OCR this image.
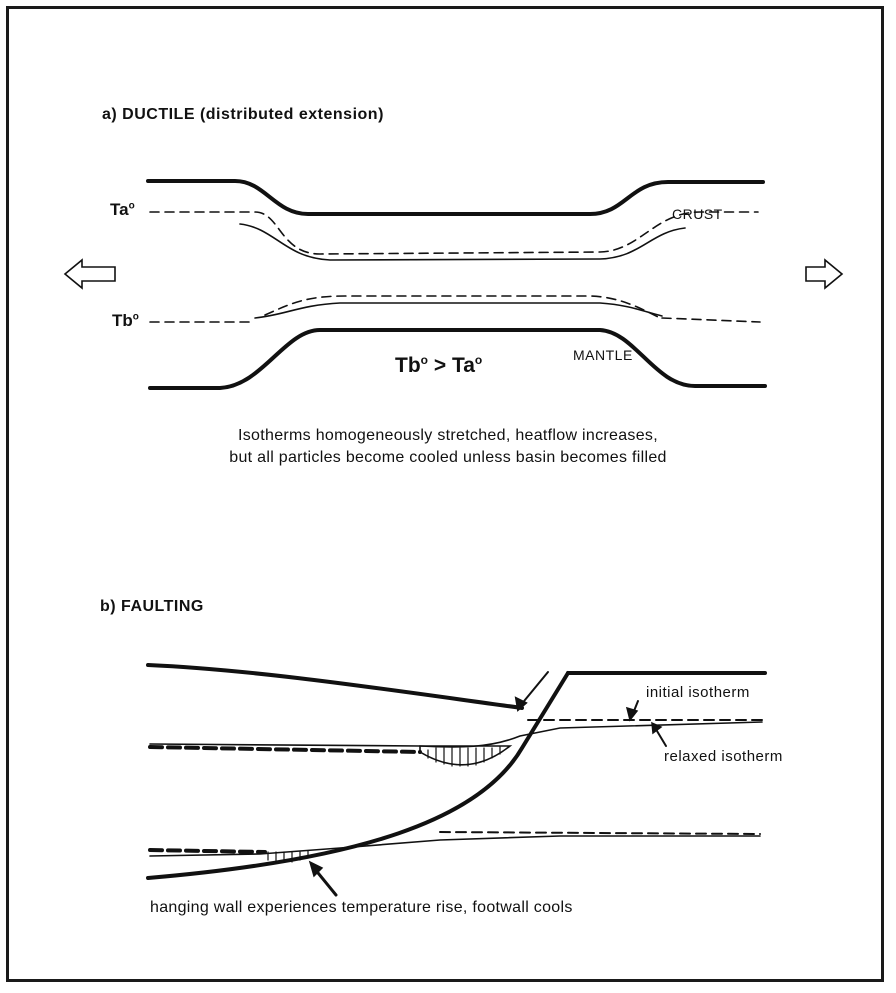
a) DUCTILE (distributed extension)
CRUST
MANTLE
Ta$^o$
Tb$^o$
$Tb^o > Ta^o$
Isotherms homogeneously stretched, heatflow increases,
but all particles become cooled unless basin becomes filled
b) FAULTING
initial isotherm
relaxed isotherm
hanging wall experiences temperature rise, footwall cools
